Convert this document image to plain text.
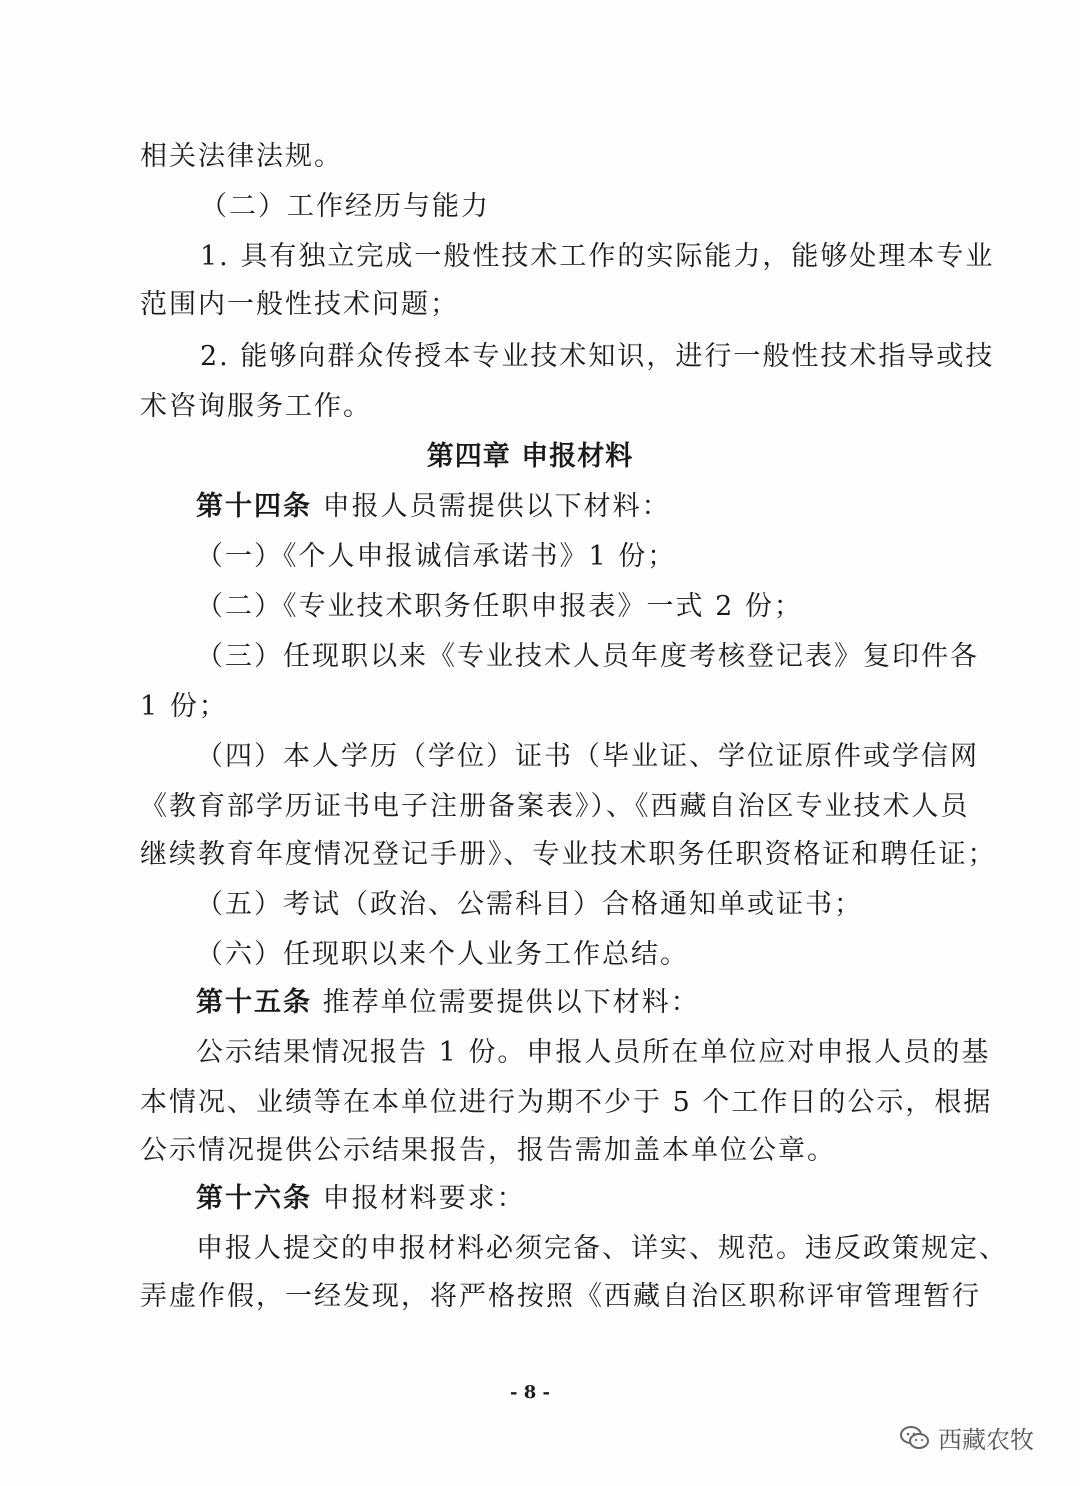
相关法律法规。
（二）工作经历与能力
1. 具有独立完成一般性技术工作的实际能力，能够处理本专业
范围内一般性技术问题；
2. 能够向群众传授本专业技术知识，进行一般性技术指导或技
术咨询服务工作。
第四章 申报材料
第十四条 申报人员需提供以下材料：
（一）《个人申报诚信承诺书》1 份；
（二）《专业技术职务任职申报表》一式 2 份；
（三）任现职以来《专业技术人员年度考核登记表》复印件各
1 份；
（四）本人学历（学位）证书（毕业证、学位证原件或学信网
《教育部学历证书电子注册备案表》）、《西藏自治区专业技术人员
继续教育年度情况登记手册》、专业技术职务任职资格证和聘任证；
（五）考试（政治、公需科目）合格通知单或证书；
（六）任现职以来个人业务工作总结。
第十五条 推荐单位需要提供以下材料：
公示结果情况报告 1 份。申报人员所在单位应对申报人员的基
本情况、业绩等在本单位进行为期不少于 5 个工作日的公示，根据
公示情况提供公示结果报告，报告需加盖本单位公章。
第十六条 申报材料要求：
申报人提交的申报材料必须完备、详实、规范。违反政策规定、
弄虚作假，一经发现，将严格按照《西藏自治区职称评审管理暂行
- 8 -
西藏农牧
